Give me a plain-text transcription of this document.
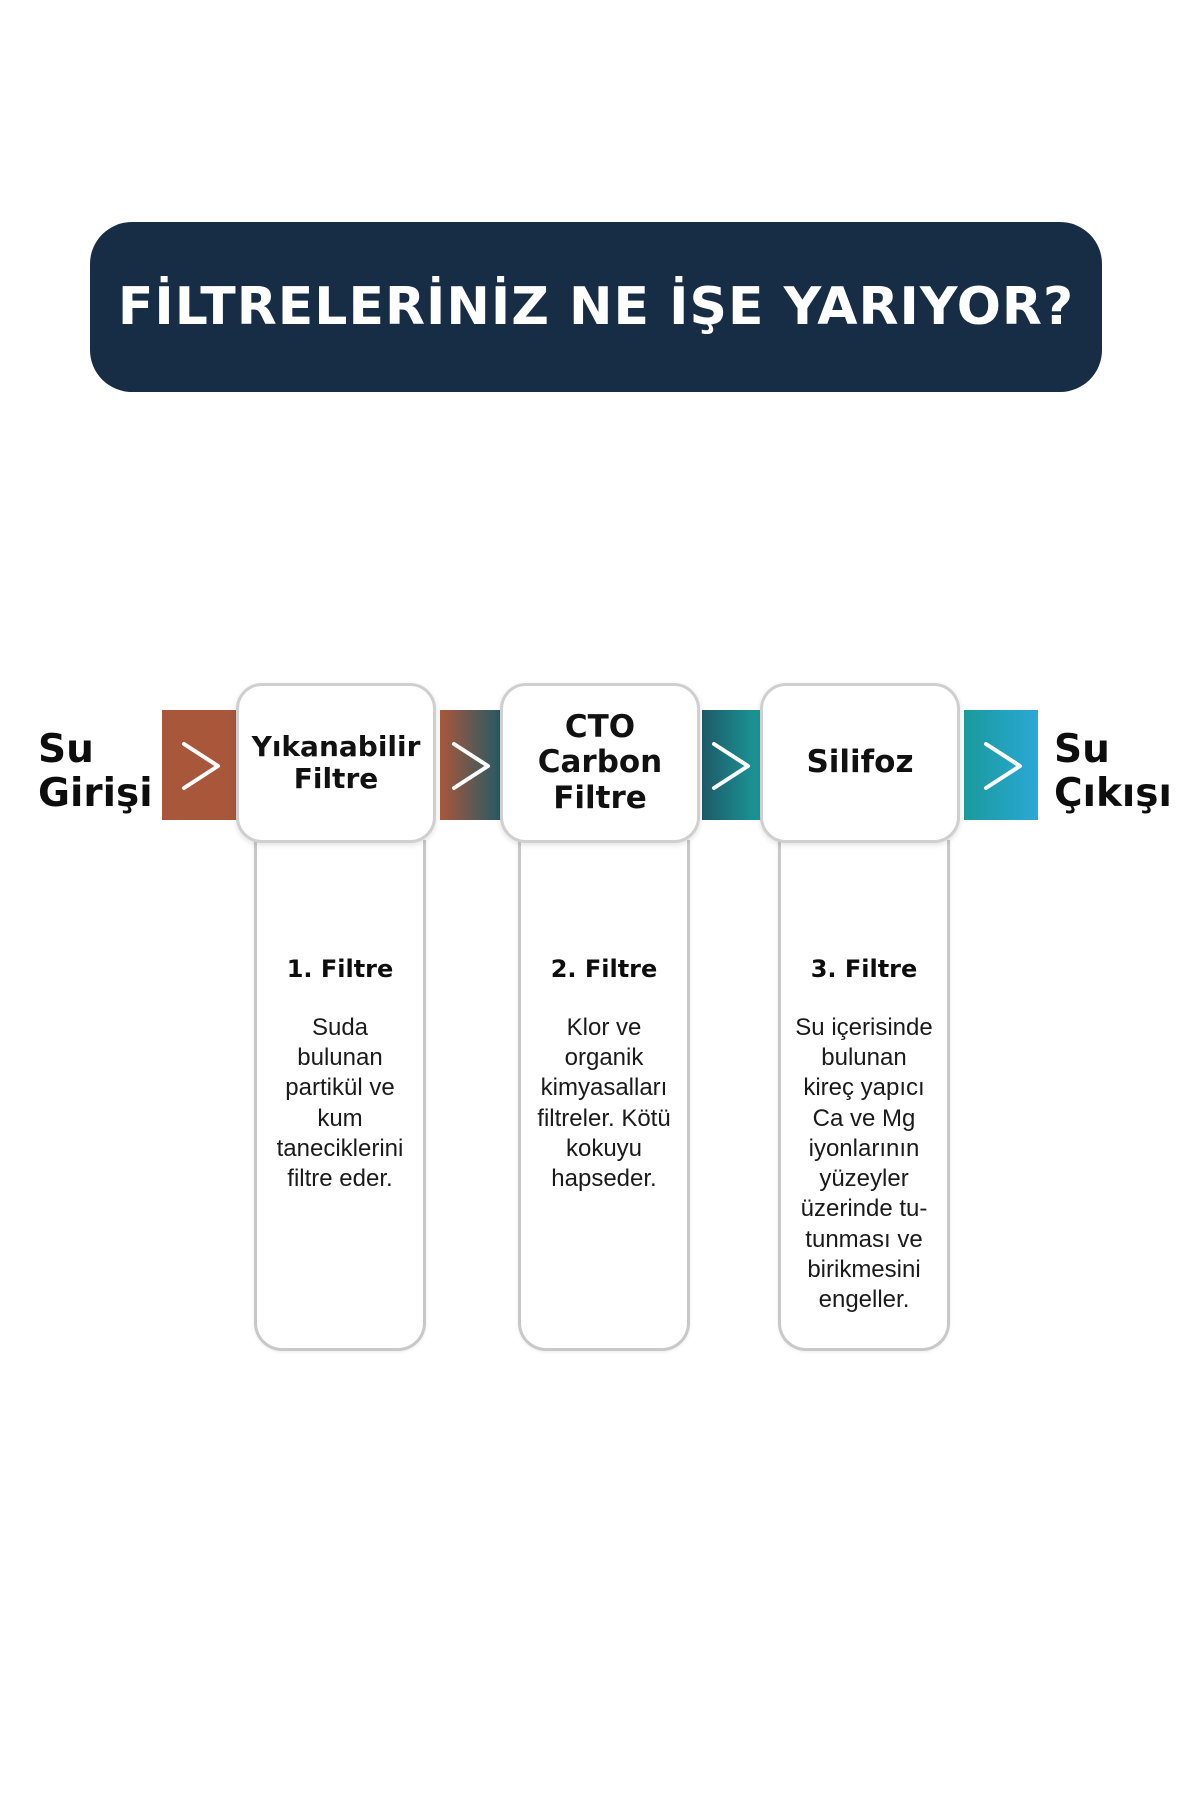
FİLTRELERİNİZ NE İŞE YARIYOR?
Su
Girişi
Su
Çıkışı
1. Filtre
Suda
bulunan
partikül ve
kum
taneciklerini
filtre eder.
Yıkanabilir
Filtre
2. Filtre
Klor ve
organik
kimyasalları
filtreler. Kötü
kokuyu
hapseder.
CTO
Carbon
Filtre
3. Filtre
Su içerisinde
bulunan
kireç yapıcı
Ca ve Mg
iyonlarının
yüzeyler
üzerinde tu-
tunması ve
birikmesini
engeller.
Silifoz
